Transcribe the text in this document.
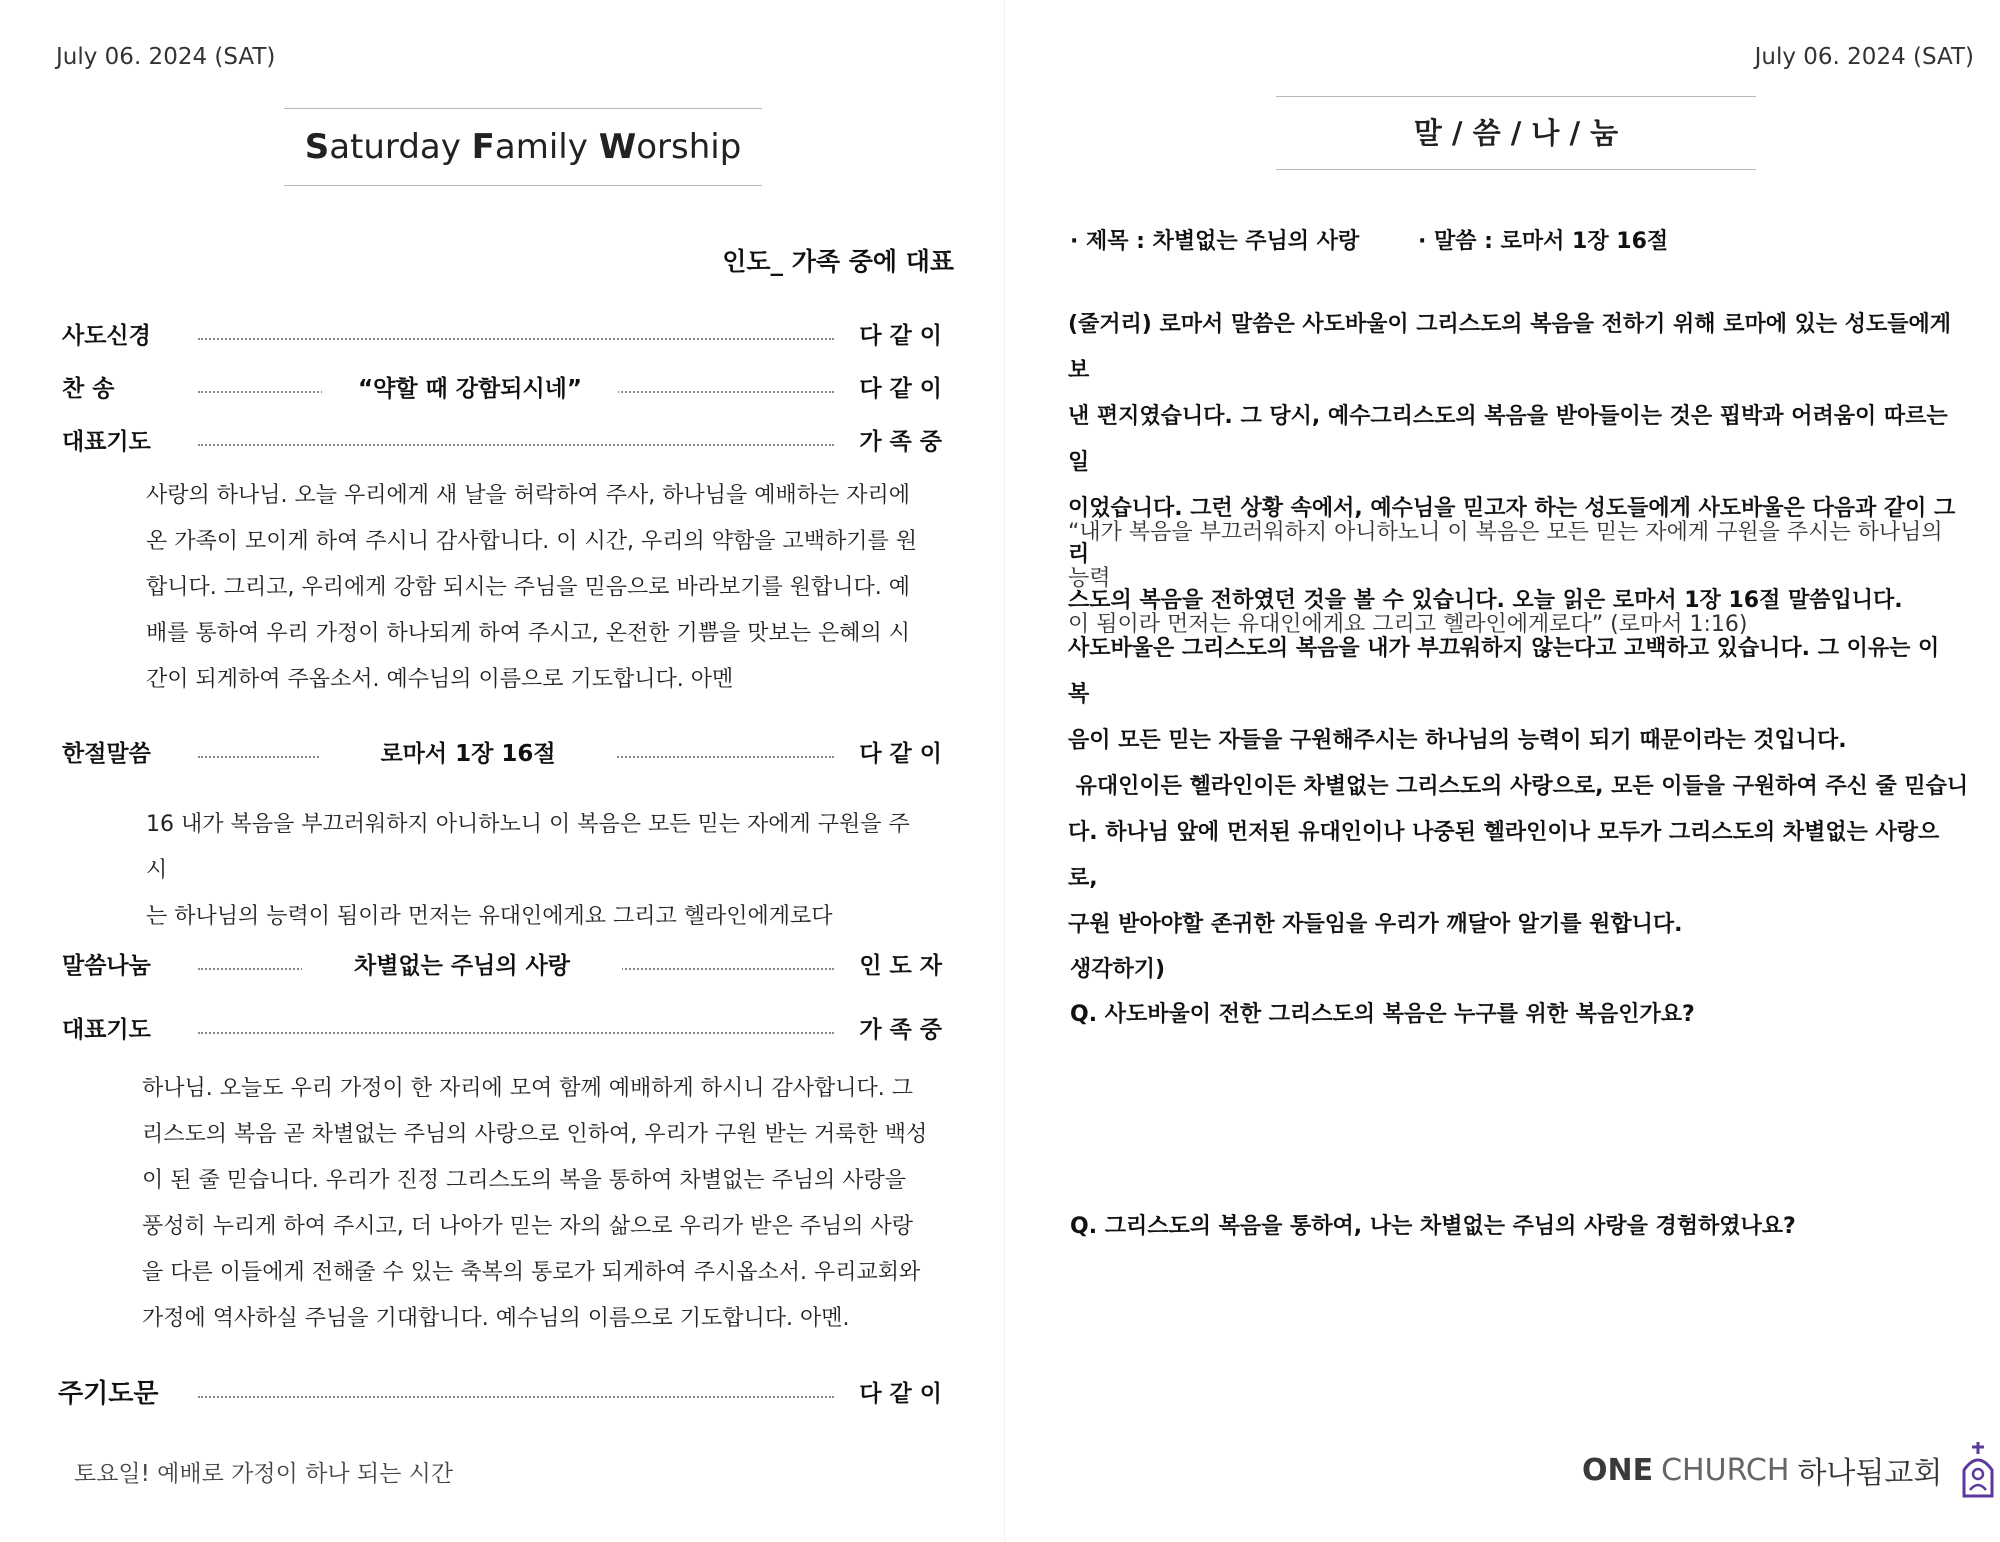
July 06. 2024 (SAT)
Saturday Family Worship
인도_ 가족 중에 대표
사도신경	다 같 이
찬 송	“약할 때 강함되시네”	다 같 이
대표기도	가 족 중
사랑의 하나님. 오늘 우리에게 새 날을 허락하여 주사, 하나님을 예배하는 자리에
온 가족이 모이게 하여 주시니 감사합니다. 이 시간, 우리의 약함을 고백하기를 원
합니다. 그리고, 우리에게 강함 되시는 주님을 믿음으로 바라보기를 원합니다. 예
배를 통하여 우리 가정이 하나되게 하여 주시고, 온전한 기쁨을 맛보는 은혜의 시
간이 되게하여 주옵소서. 예수님의 이름으로 기도합니다. 아멘
한절말씀	로마서 1장 16절	다 같 이
16 내가 복음을 부끄러워하지 아니하노니 이 복음은 모든 믿는 자에게 구원을 주시
는 하나님의 능력이 됨이라 먼저는 유대인에게요 그리고 헬라인에게로다
말씀나눔	차별없는 주님의 사랑	인 도 자
대표기도	가 족 중
하나님. 오늘도 우리 가정이 한 자리에 모여 함께 예배하게 하시니 감사합니다. 그
리스도의 복음 곧 차별없는 주님의 사랑으로 인하여, 우리가 구원 받는 거룩한 백성
이 된 줄 믿습니다. 우리가 진정 그리스도의 복을 통하여 차별없는 주님의 사랑을
풍성히 누리게 하여 주시고, 더 나아가 믿는 자의 삶으로 우리가 받은 주님의 사랑
을 다른 이들에게 전해줄 수 있는 축복의 통로가 되게하여 주시옵소서. 우리교회와
가정에 역사하실 주님을 기대합니다. 예수님의 이름으로 기도합니다. 아멘.
주기도문	다 같 이
토요일! 예배로 가정이 하나 되는 시간
July 06. 2024 (SAT)
말 / 씀 / 나 / 눔
· 제목 : 차별없는 주님의 사랑	· 말씀 : 로마서 1장 16절
(줄거리) 로마서 말씀은 사도바울이 그리스도의 복음을 전하기 위해 로마에 있는 성도들에게 보
낸 편지였습니다. 그 당시, 예수그리스도의 복음을 받아들이는 것은 핍박과 어려움이 따르는 일
이었습니다. 그런 상황 속에서, 예수님을 믿고자 하는 성도들에게 사도바울은 다음과 같이 그리
스도의 복음을 전하였던 것을 볼 수 있습니다. 오늘 읽은 로마서 1장 16절 말씀입니다.
“내가 복음을 부끄러워하지 아니하노니 이 복음은 모든 믿는 자에게 구원을 주시는 하나님의 능력
이 됨이라 먼저는 유대인에게요 그리고 헬라인에게로다” (로마서 1:16)
사도바울은 그리스도의 복음을 내가 부끄워하지 않는다고 고백하고 있습니다. 그 이유는 이 복
음이 모든 믿는 자들을 구원해주시는 하나님의 능력이 되기 때문이라는 것입니다.
유대인이든 헬라인이든 차별없는 그리스도의 사랑으로, 모든 이들을 구원하여 주신 줄 믿습니
다. 하나님 앞에 먼저된 유대인이나 나중된 헬라인이나 모두가 그리스도의 차별없는 사랑으로,
구원 받아야할 존귀한 자들임을 우리가 깨달아 알기를 원합니다.
생각하기)
Q. 사도바울이 전한 그리스도의 복음은 누구를 위한 복음인가요?
Q. 그리스도의 복음을 통하여, 나는 차별없는 주님의 사랑을 경험하였나요?
ONE CHURCH 하나됨교회
